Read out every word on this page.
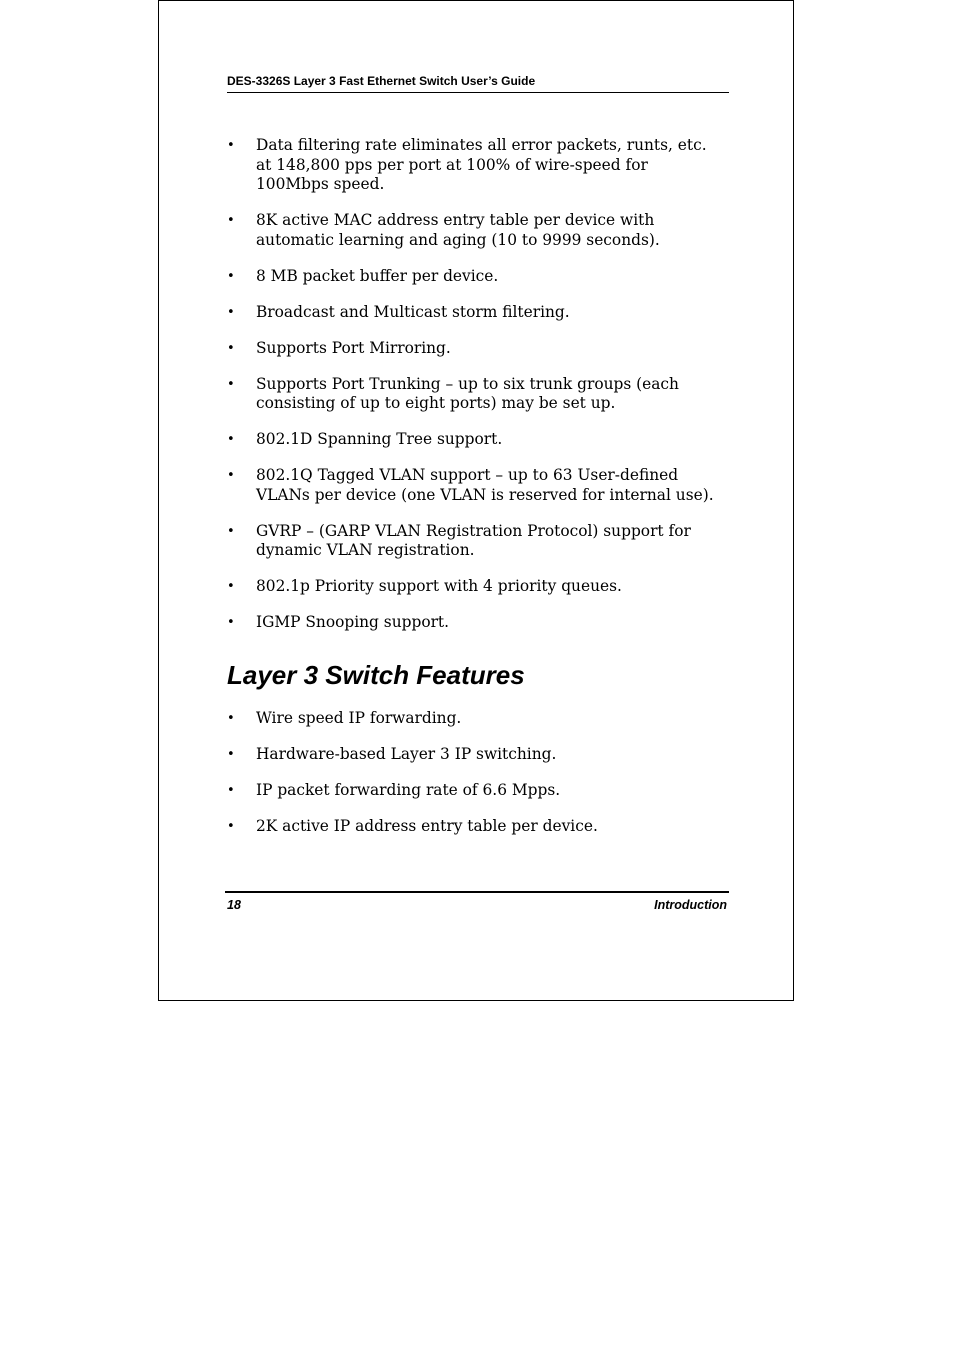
DES-3326S Layer 3 Fast Ethernet Switch User’s Guide
• Data filtering rate eliminates all error packets, runts, etc.
at 148,800 pps per port at 100% of wire-speed for
100Mbps speed.
• 8K active MAC address entry table per device with
automatic learning and aging (10 to 9999 seconds).
• 8 MB packet buffer per device.
• Broadcast and Multicast storm filtering.
• Supports Port Mirroring.
• Supports Port Trunking – up to six trunk groups (each
consisting of up to eight ports) may be set up.
• 802.1D Spanning Tree support.
• 802.1Q Tagged VLAN support – up to 63 User-defined
VLANs per device (one VLAN is reserved for internal use).
• GVRP – (GARP VLAN Registration Protocol) support for
dynamic VLAN registration.
• 802.1p Priority support with 4 priority queues.
• IGMP Snooping support.
Layer 3 Switch Features
• Wire speed IP forwarding.
• Hardware-based Layer 3 IP switching.
• IP packet forwarding rate of 6.6 Mpps.
• 2K active IP address entry table per device.
18	Introduction
